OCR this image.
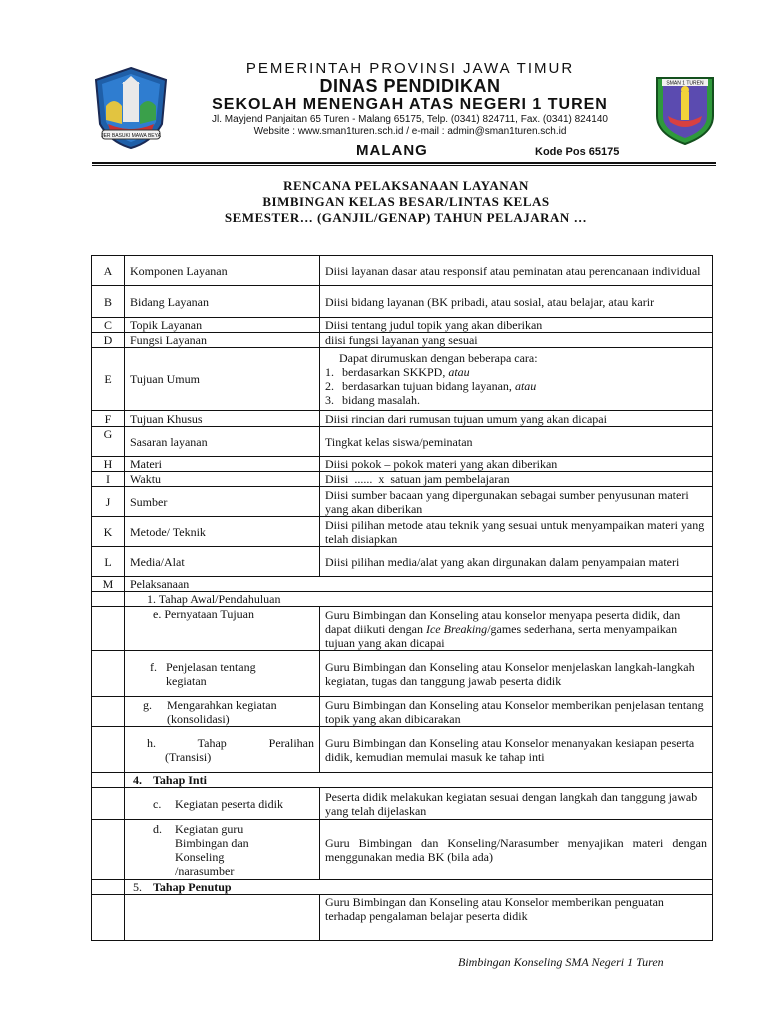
JER BASUKI MAWA BEYA
PEMERINTAH PROVINSI JAWA TIMUR
DINAS PENDIDIKAN
SEKOLAH MENENGAH ATAS NEGERI 1 TUREN
Jl. Mayjend Panjaitan 65 Turen - Malang 65175, Telp. (0341) 824711, Fax. (0341) 824140
Website : www.sman1turen.sch.id / e-mail : admin@sman1turen.sch.id
MALANG	Kode Pos 65175
SMAN 1 TUREN
RENCANA PELAKSANAAN LAYANAN
BIMBINGAN KELAS BESAR/LINTAS KELAS
SEMESTER… (GANJIL/GENAP) TAHUN PELAJARAN …
A	Komponen Layanan	Diisi layanan dasar atau responsif atau peminatan atau perencanaan individual
B	Bidang Layanan	Diisi bidang layanan (BK pribadi, atau sosial, atau belajar, atau karir
C	Topik Layanan	Diisi tentang judul topik yang akan diberikan
D	Fungsi Layanan	diisi fungsi layanan yang sesuai
E	Tujuan Umum	Dapat dirumuskan dengan beberapa cara:
1. berdasarkan SKKPD, atau
2. berdasarkan tujuan bidang layanan, atau
3. bidang masalah.

F	Tujuan Khusus	Diisi rincian dari rumusan tujuan umum yang akan dicapai
G	Sasaran layanan	Tingkat kelas siswa/peminatan
H	Materi	Diisi pokok – pokok materi yang akan diberikan
I	Waktu	Diisi  ......  x  satuan jam pembelajaran
J	Sumber	Diisi sumber bacaan yang dipergunakan sebagai sumber penyusunan materi yang akan diberikan
K	Metode/ Teknik	Diisi pilihan metode atau teknik yang sesuai untuk menyampaikan materi yang telah disiapkan
L	Media/Alat	Diisi pilihan media/alat yang akan dirgunakan dalam penyampaian materi
M	Pelaksanaan	
	1. Tahap Awal/Pendahuluan	
	e. Pernyataan Tujuan	Guru Bimbingan dan Konseling atau konselor menyapa peserta didik, dan dapat diikuti dengan Ice Breaking/games sederhana, serta menyampaikan tujuan yang akan dicapai
	f. Penjelasan tentang kegiatan	Guru Bimbingan dan Konseling atau Konselor menjelaskan langkah-langkah kegiatan, tugas dan tanggung jawab peserta didik
	g. Mengarahkan kegiatan (konsolidasi)	Guru Bimbingan dan Konseling atau Konselor memberikan penjelasan tentang topik yang akan dibicarakan

	h. Tahap Peralihan
(Transisi)	Guru Bimbingan dan Konseling atau Konselor menanyakan kesiapan peserta didik, kemudian memulai masuk ke tahap inti
	4. Tahap Inti	
	c. Kegiatan peserta didik	Peserta didik melakukan kegiatan sesuai dengan langkah dan tanggung jawab yang telah dijelaskan
	d. Kegiatan guru Bimbingan dan Konseling /narasumber	Guru Bimbingan dan Konseling/Narasumber menyajikan materi dengan menggunakan media BK (bila ada)
	5. Tahap Penutup	
		Guru Bimbingan dan Konseling atau Konselor memberikan penguatan terhadap pengalaman belajar peserta didik
Bimbingan Konseling SMA Negeri 1 Turen
